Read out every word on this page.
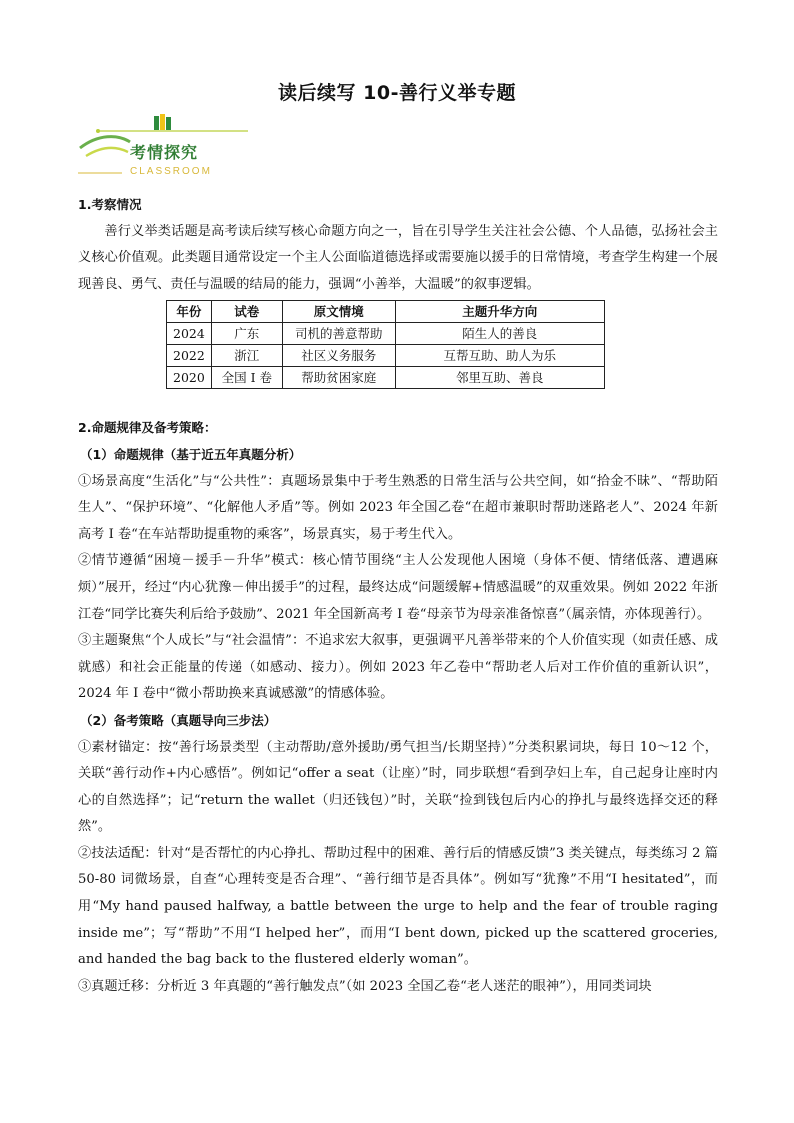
读后续写 10-善行义举专题
考情探究
CLASSROOM
1.考察情况

善行义举类话题是高考读后续写核心命题方向之一，旨在引导学生关注社会公德、个人品德，弘扬社会主义核心价值观。此类题目通常设定一个主人公面临道德选择或需要施以援手的日常情境，考查学生构建一个展现善良、勇气、责任与温暖的结局的能力，强调“小善举，大温暖”的叙事逻辑。

年份	试卷	原文情境	主题升华方向
2024	广东	司机的善意帮助	陌生人的善良
2022	浙江	社区义务服务	互帮互助、助人为乐
2020	全国 I 卷	帮助贫困家庭	邻里互助、善良
2.命题规律及备考策略：
（1）命题规律（基于近五年真题分析）

①场景高度“生活化”与“公共性”：真题场景集中于考生熟悉的日常生活与公共空间，如“拾金不昧”、“帮助陌生人”、“保护环境”、“化解他人矛盾”等。例如 2023 年全国乙卷“在超市兼职时帮助迷路老人”、2024 年新高考 I 卷“在车站帮助提重物的乘客”，场景真实，易于考生代入。

②情节遵循“困境－援手－升华”模式：核心情节围绕“主人公发现他人困境（身体不便、情绪低落、遭遇麻烦）”展开，经过“内心犹豫－伸出援手”的过程，最终达成“问题缓解+情感温暖”的双重效果。例如 2022 年浙江卷“同学比赛失利后给予鼓励”、2021 年全国新高考 I 卷“母亲节为母亲准备惊喜”（属亲情，亦体现善行）。

③主题聚焦“个人成长”与“社会温情”：不追求宏大叙事，更强调平凡善举带来的个人价值实现（如责任感、成就感）和社会正能量的传递（如感动、接力）。例如 2023 年乙卷中“帮助老人后对工作价值的重新认识”，2024 年 I 卷中“微小帮助换来真诚感激”的情感体验。

（2）备考策略（真题导向三步法）

①素材锚定：按“善行场景类型（主动帮助/意外援助/勇气担当/长期坚持）”分类积累词块，每日 10～12 个，关联“善行动作+内心感悟”。例如记“offer a seat（让座）”时，同步联想“看到孕妇上车，自己起身让座时内心的自然选择”；记“return the wallet（归还钱包）”时，关联“捡到钱包后内心的挣扎与最终选择交还的释然”。

②技法适配：针对“是否帮忙的内心挣扎、帮助过程中的困难、善行后的情感反馈”3 类关键点，每类练习 2 篇 50-80 词微场景，自查“心理转变是否合理”、“善行细节是否具体”。例如写“犹豫”不用“I hesitated”，而用“My hand paused halfway, a battle between the urge to help and the fear of trouble raging inside me”；写“帮助”不用“I helped her”，而用“I bent down, picked up the scattered groceries, and handed the bag back to the flustered elderly woman”。

③真题迁移：分析近 3 年真题的“善行触发点”（如 2023 全国乙卷“老人迷茫的眼神”），用同类词块
